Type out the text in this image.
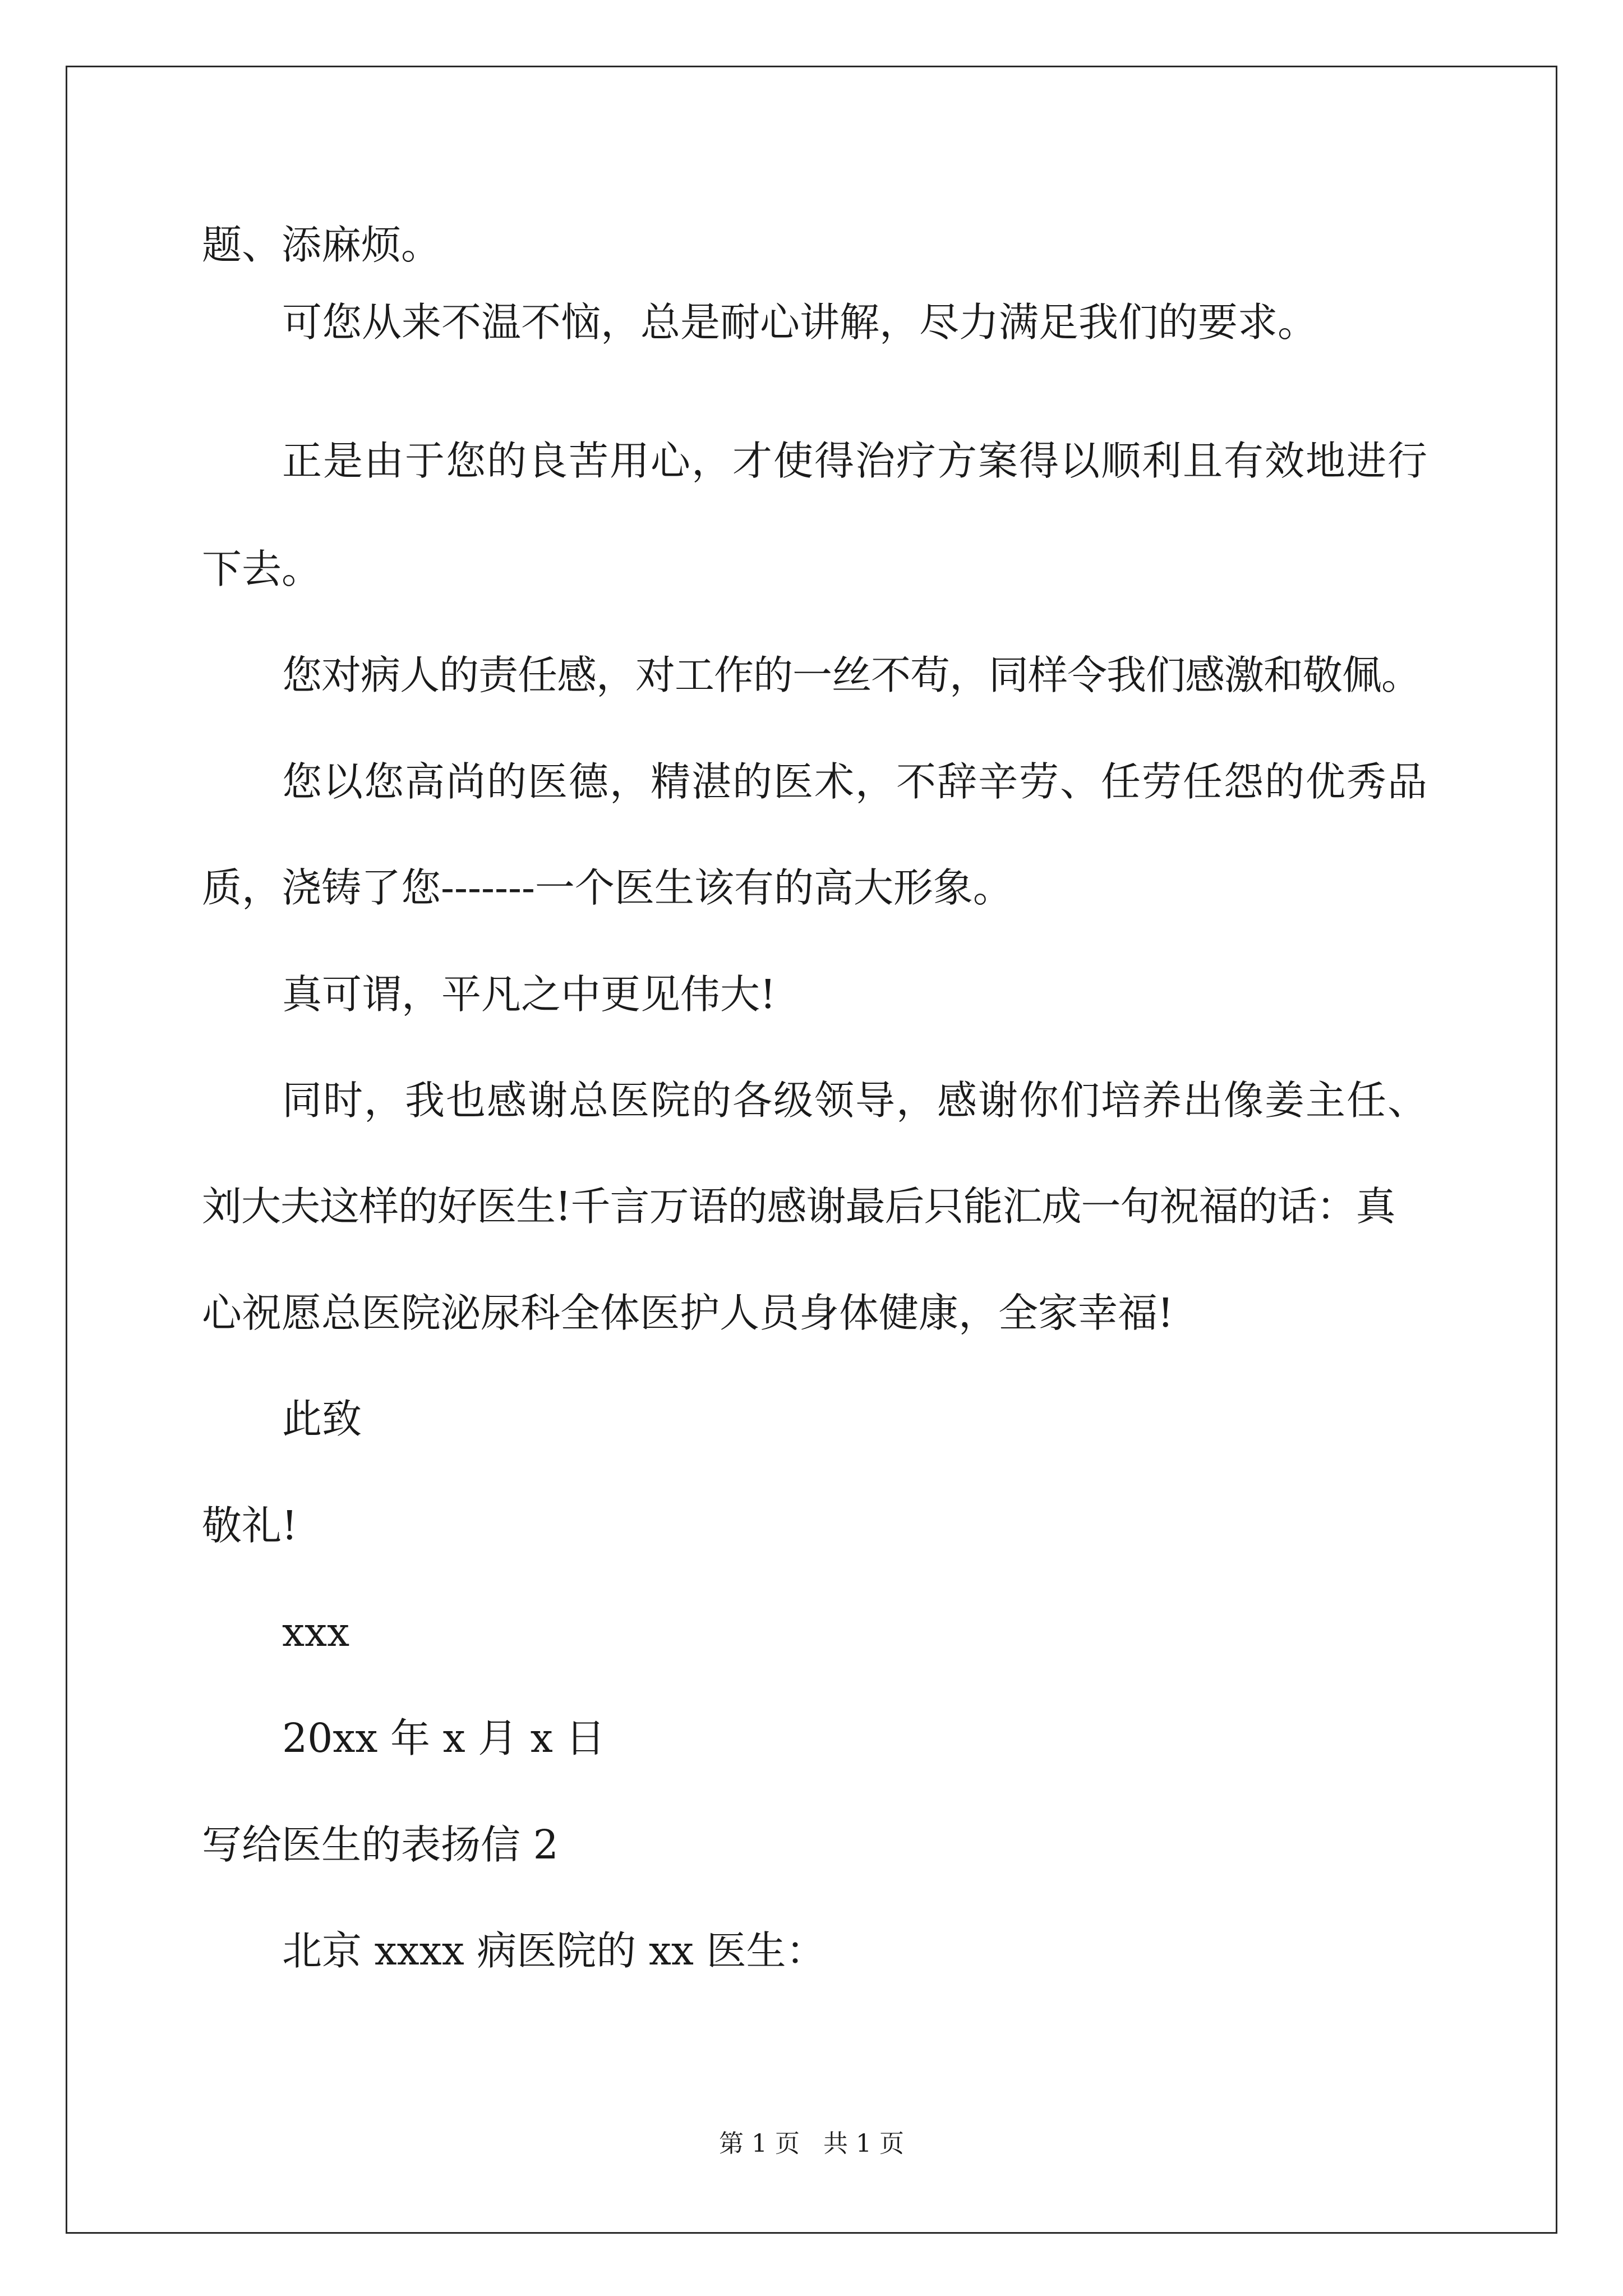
题、添麻烦。

可您从来不温不恼，总是耐心讲解，尽力满足我们的要求。

正是由于您的良苦用心，才使得治疗方案得以顺利且有效地进行

下去。

您对病人的责任感，对工作的一丝不苟，同样令我们感激和敬佩。

您以您高尚的医德，精湛的医术，不辞辛劳、任劳任怨的优秀品

质，浇铸了您-------一个医生该有的高大形象。

真可谓，平凡之中更见伟大!

同时，我也感谢总医院的各级领导，感谢你们培养出像姜主任、

刘大夫这样的好医生!千言万语的感谢最后只能汇成一句祝福的话：真

心祝愿总医院泌尿科全体医护人员身体健康，全家幸福!

此致

敬礼!

xxx

20xx 年 x 月 x 日

写给医生的表扬信 2

北京 xxxx 病医院的 xx 医生：

第 1 页   共 1 页
